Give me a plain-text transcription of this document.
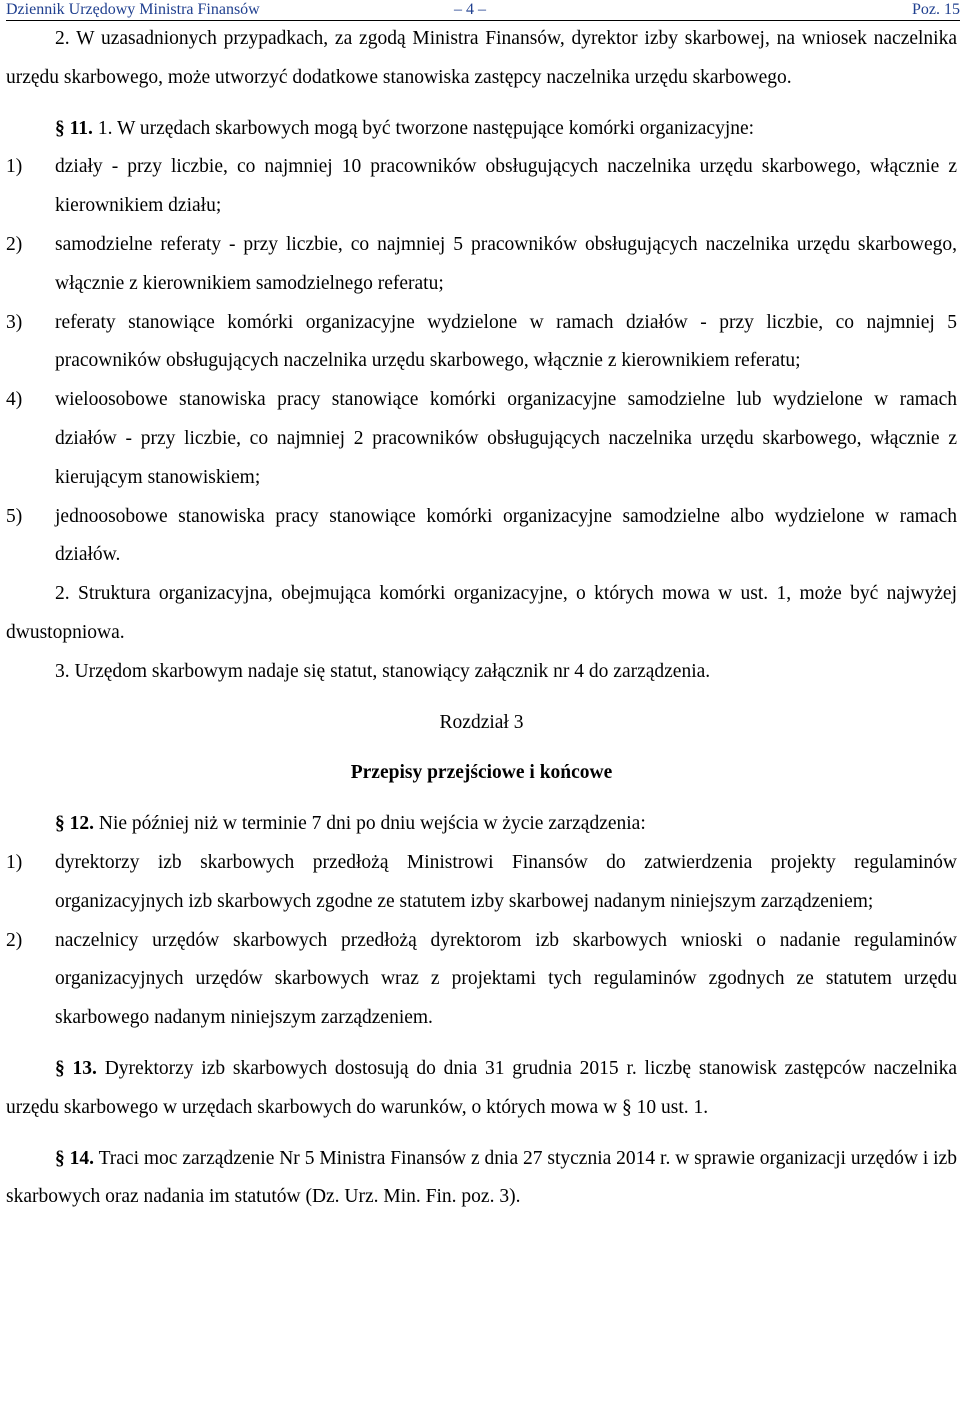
Dziennik Urzędowy Ministra Finansów	– 4 –	Poz. 15

2. W uzasadnionych przypadkach, za zgodą Ministra Finansów, dyrektor izby skarbowej, na wniosek naczelnika urzędu skarbowego, może utworzyć dodatkowe stanowiska zastępcy naczelnika urzędu skarbowego.

§ 11. 1. W urzędach skarbowych mogą być tworzone następujące komórki organizacyjne:

1) działy - przy liczbie, co najmniej 10 pracowników obsługujących naczelnika urzędu skarbowego, włącznie z kierownikiem działu;
2) samodzielne referaty - przy liczbie, co najmniej 5 pracowników obsługujących naczelnika urzędu skarbowego, włącznie z kierownikiem samodzielnego referatu;
3) referaty stanowiące komórki organizacyjne wydzielone w ramach działów - przy liczbie, co najmniej 5 pracowników obsługujących naczelnika urzędu skarbowego, włącznie z kierownikiem referatu;
4) wieloosobowe stanowiska pracy stanowiące komórki organizacyjne samodzielne lub wydzielone w ramach działów - przy liczbie, co najmniej 2 pracowników obsługujących naczelnika urzędu skarbowego, włącznie z kierującym stanowiskiem;
5) jednoosobowe stanowiska pracy stanowiące komórki organizacyjne samodzielne albo wydzielone w ramach działów.

2. Struktura organizacyjna, obejmująca komórki organizacyjne, o których mowa w ust. 1, może być najwyżej dwustopniowa.

3. Urzędom skarbowym nadaje się statut, stanowiący załącznik nr 4 do zarządzenia.

Rozdział 3

Przepisy przejściowe i końcowe

§ 12. Nie później niż w terminie 7 dni po dniu wejścia w życie zarządzenia:

1) dyrektorzy izb skarbowych przedłożą Ministrowi Finansów do zatwierdzenia projekty regulaminów organizacyjnych izb skarbowych zgodne ze statutem izby skarbowej nadanym niniejszym zarządzeniem;
2) naczelnicy urzędów skarbowych przedłożą dyrektorom izb skarbowych wnioski o nadanie regulaminów organizacyjnych urzędów skarbowych wraz z projektami tych regulaminów zgodnych ze statutem urzędu skarbowego nadanym niniejszym zarządzeniem.

§ 13. Dyrektorzy izb skarbowych dostosują do dnia 31 grudnia 2015 r. liczbę stanowisk zastępców naczelnika urzędu skarbowego w urzędach skarbowych do warunków, o których mowa w § 10 ust. 1.

§ 14. Traci moc zarządzenie Nr 5 Ministra Finansów z dnia 27 stycznia 2014 r. w sprawie organizacji urzędów i izb skarbowych oraz nadania im statutów (Dz. Urz. Min. Fin. poz. 3).
